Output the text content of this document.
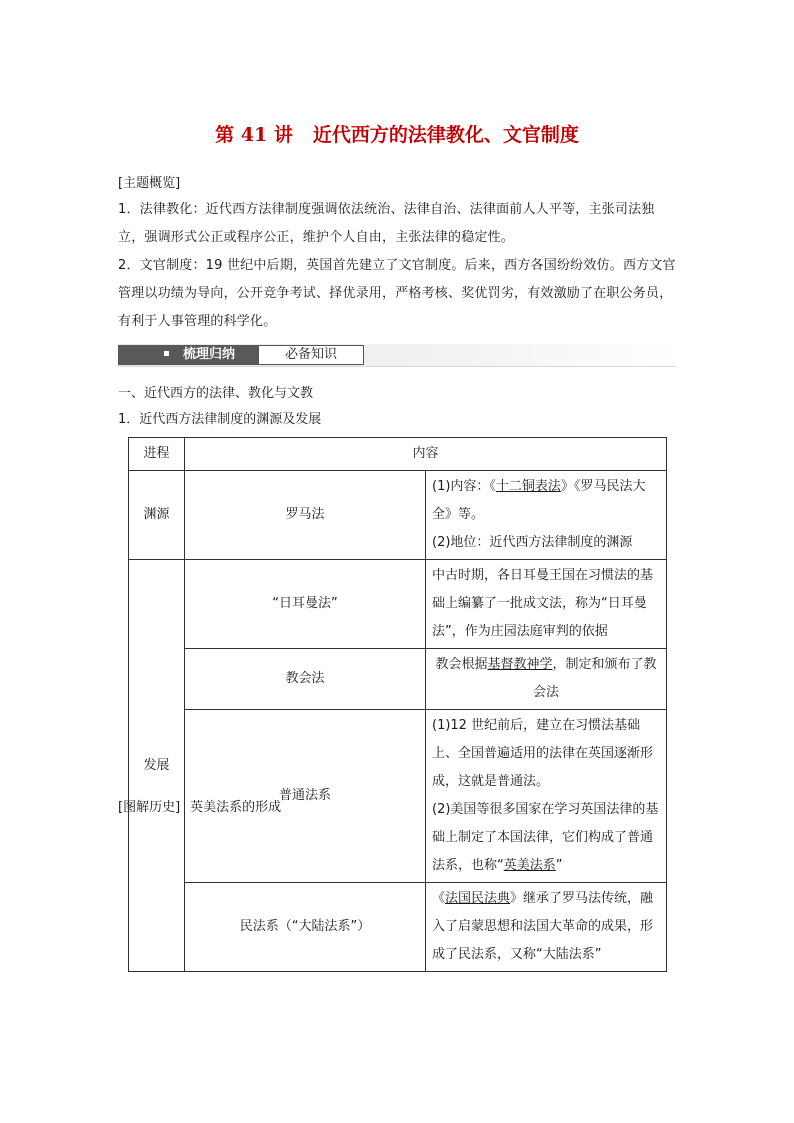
第 41 讲 近代西方的法律教化、文官制度
[主题概览]

1．法律教化：近代西方法律制度强调依法统治、法律自治、法律面前人人平等，主张司法独立，强调形式公正或程序公正，维护个人自由，主张法律的稳定性。

2．文官制度：19 世纪中后期，英国首先建立了文官制度。后来，西方各国纷纷效仿。西方文官管理以功绩为导向，公开竞争考试、择优录用，严格考核、奖优罚劣，有效激励了在职公务员，有利于人事管理的科学化。

梳理归纳	必备知识
一、近代西方的法律、教化与文教
1．近代西方法律制度的渊源及发展
进程	内容	
渊源	罗马法	(1)内容：《十二铜表法》《罗马民法大全》等。
(2)地位：近代西方法律制度的渊源

发展	“日耳曼法”	中古时期，各日耳曼王国在习惯法的基础上编纂了一批成文法，称为“日耳曼法”，作为庄园法庭审判的依据
	教会法	教会根据基督教神学，制定和颁布了教会法
	普通法系	(1)12 世纪前后，建立在习惯法基础上、全国普遍适用的法律在英国逐渐形成，这就是普通法。
(2)美国等很多国家在学习英国法律的基础上制定了本国法律，它们构成了普通法系，也称“英美法系”

	民法系（“大陆法系”）	《法国民法典》继承了罗马法传统，融入了启蒙思想和法国大革命的成果，形成了民法系，又称“大陆法系”
[图解历史] 英美法系的形成
